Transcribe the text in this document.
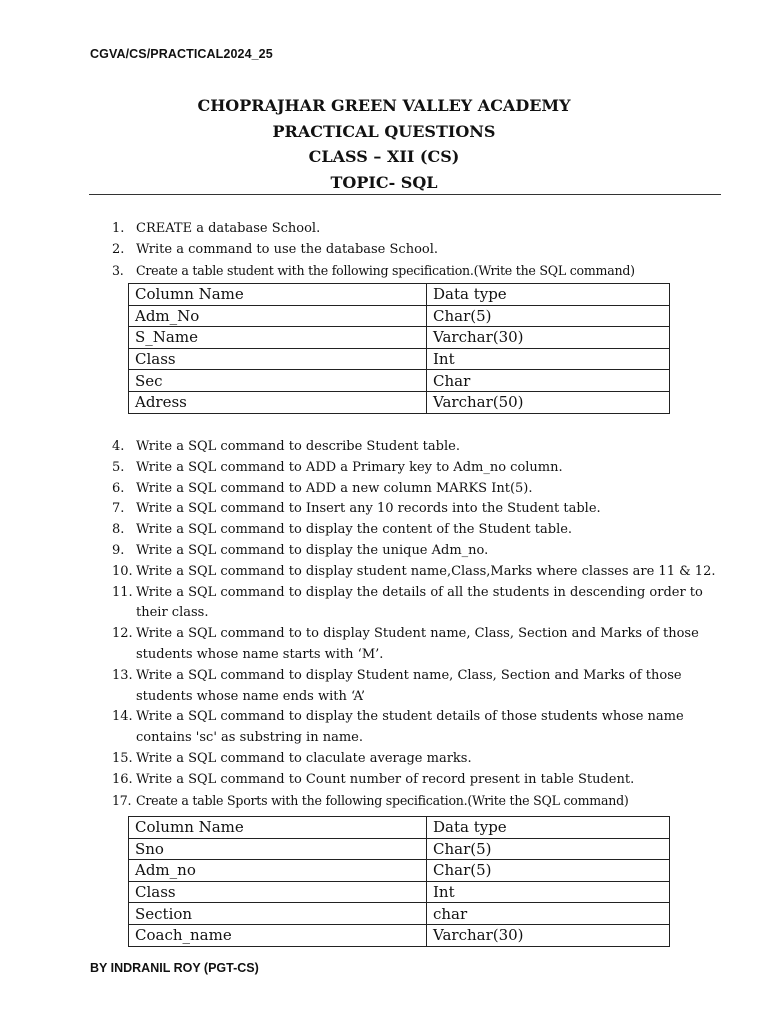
CGVA/CS/PRACTICAL2024_25
CHOPRAJHAR GREEN VALLEY ACADEMY
PRACTICAL QUESTIONS
CLASS – XII (CS)
TOPIC- SQL
1. CREATE a database School.
2. Write a command to use the database School.
3. Create a table student with the following specification.(Write the SQL command)
Column Name	Data type
Adm_No	Char(5)
S_Name	Varchar(30)
Class	Int
Sec	Char
Adress	Varchar(50)
4. Write a SQL command to describe Student table.
5. Write a SQL command to ADD a Primary key to Adm_no column.
6. Write a SQL command to ADD a new column MARKS Int(5).
7. Write a SQL command to Insert any 10 records into the Student table.
8. Write a SQL command to display the content of the Student table.
9. Write a SQL command to display the unique Adm_no.
10. Write a SQL command to display student name,Class,Marks where classes are 11 & 12.
11. Write a SQL command to display the details of all the students in descending order to their class.
12. Write a SQL command to to display Student name, Class, Section and Marks of those students whose name starts with ‘M’.
13. Write a SQL command to display Student name, Class, Section and Marks of those students whose name ends with ‘A’
14. Write a SQL command to display the student details of those students whose name contains 'sc' as substring in name.
15. Write a SQL command to claculate average marks.
16. Write a SQL command to Count number of record present in table Student.
17. Create a table Sports with the following specification.(Write the SQL command)
Column Name	Data type
Sno	Char(5)
Adm_no	Char(5)
Class	Int
Section	char
Coach_name	Varchar(30)
BY INDRANIL ROY (PGT-CS)
